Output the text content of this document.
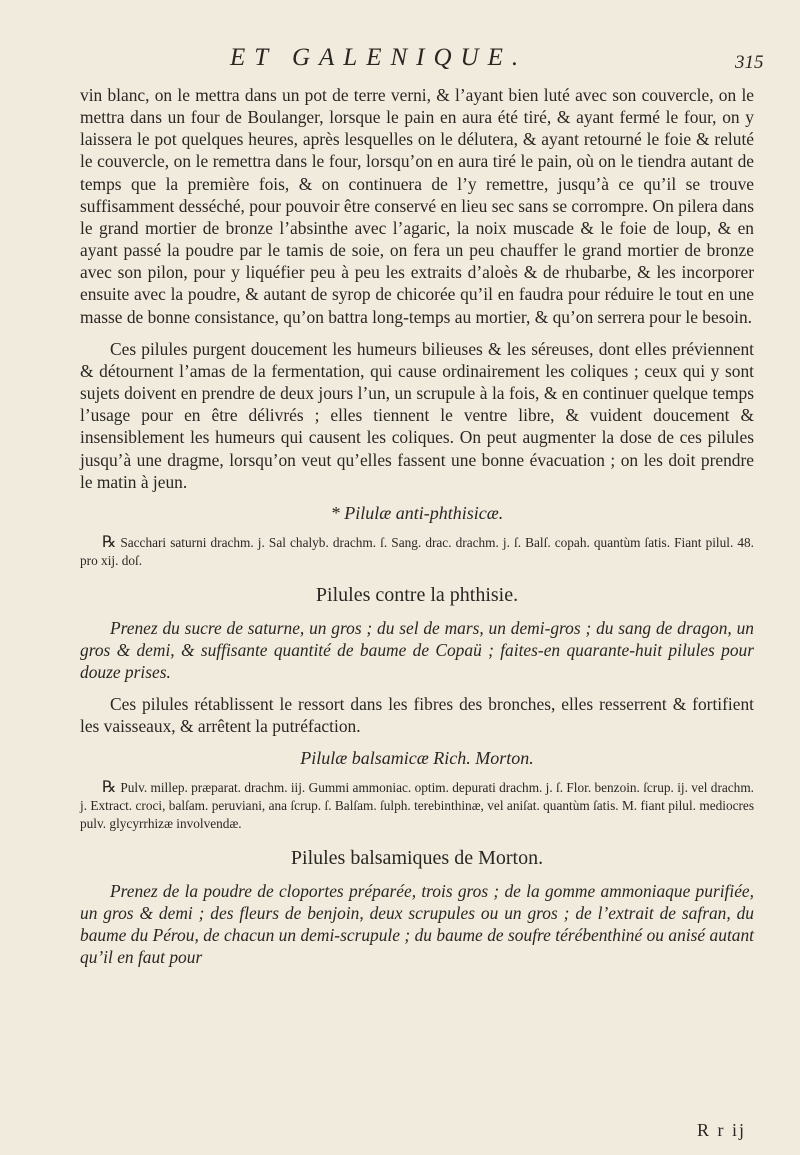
ET GALENIQUE.	315

vin blanc, on le mettra dans un pot de terre verni, & l’ayant bien luté avec son couvercle, on le mettra dans un four de Boulanger, lorsque le pain en aura été tiré, & ayant fermé le four, on y laissera le pot quelques heures, après lesquelles on le délutera, & ayant retourné le foie & reluté le couvercle, on le remettra dans le four, lorsqu’on en aura tiré le pain, où on le tiendra autant de temps que la première fois, & on continuera de l’y remettre, jusqu’à ce qu’il se trouve suffisamment desséché, pour pouvoir être conservé en lieu sec sans se corrompre. On pilera dans le grand mortier de bronze l’absinthe avec l’agaric, la noix muscade & le foie de loup, & en ayant passé la poudre par le tamis de soie, on fera un peu chauffer le grand mortier de bronze avec son pilon, pour y liquéfier peu à peu les extraits d’aloès & de rhubarbe, & les incorporer ensuite avec la poudre, & autant de syrop de chicorée qu’il en faudra pour réduire le tout en une masse de bonne consistance, qu’on battra long-temps au mortier, & qu’on serrera pour le besoin.

Ces pilules purgent doucement les humeurs bilieuses & les séreuses, dont elles préviennent & détournent l’amas de la fermentation, qui cause ordinairement les coliques ; ceux qui y sont sujets doivent en prendre de deux jours l’un, un scrupule à la fois, & en continuer quelque temps l’usage pour en être délivrés ; elles tiennent le ventre libre, & vuident doucement & insensiblement les humeurs qui causent les coliques. On peut augmenter la dose de ces pilules jusqu’à une dragme, lorsqu’on veut qu’elles fassent une bonne évacuation ; on les doit prendre le matin à jeun.

* Pilulæ anti-phthisicæ.

℞ Sacchari saturni drachm. j. Sal chalyb. drachm. ſ. Sang. drac. drachm. j. ſ. Balſ. copah. quantùm ſatis. Fiant pilul. 48. pro xij. doſ.

Pilules contre la phthisie.

Prenez du sucre de saturne, un gros ; du sel de mars, un demi-gros ; du sang de dragon, un gros & demi, & suffisante quantité de baume de Copaü ; faites-en quarante-huit pilules pour douze prises.

Ces pilules rétablissent le ressort dans les fibres des bronches, elles resserrent & fortifient les vaisseaux, & arrêtent la putréfaction.

Pilulæ balsamicæ Rich. Morton.

℞ Pulv. millep. præparat. drachm. iij. Gummi ammoniac. optim. depurati drachm. j. ſ. Flor. benzoin. ſcrup. ij. vel drachm. j. Extract. croci, balſam. peruviani, ana ſcrup. ſ. Balſam. ſulph. terebinthinæ, vel aniſat. quantùm ſatis. M. fiant pilul. mediocres pulv. glycyrrhizæ involvendæ.

Pilules balsamiques de Morton.

Prenez de la poudre de cloportes préparée, trois gros ; de la gomme ammoniaque purifiée, un gros & demi ; des fleurs de benjoin, deux scrupules ou un gros ; de l’extrait de safran, du baume du Pérou, de chacun un demi-scrupule ; du baume de soufre térébenthiné ou anisé autant qu’il en faut pour

R r ij
